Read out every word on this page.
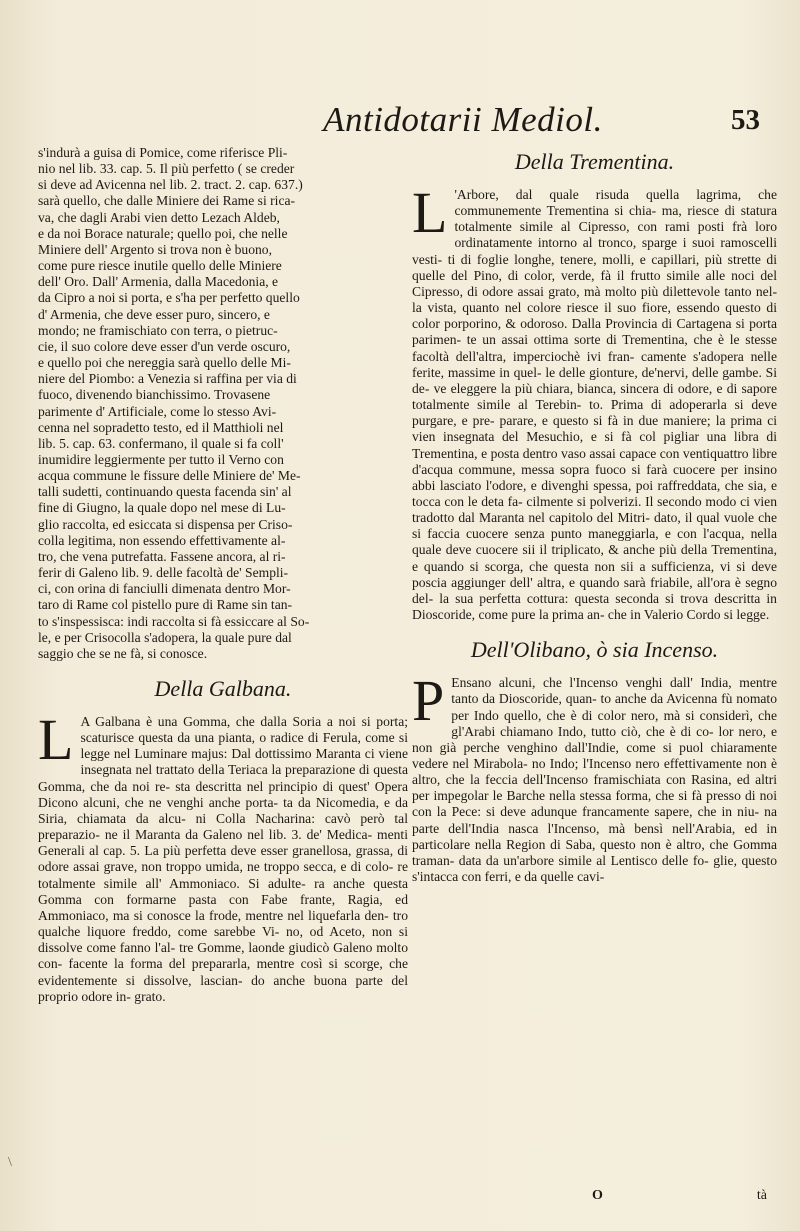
Antidotarii Mediol.	53

s'indurà a guisa di Pomice, come riferisce Pli-
nio nel lib. 33. cap. 5. Il più perfetto ( se creder
si deve ad Avicenna nel lib. 2. tract. 2. cap. 637.)
sarà quello, che dalle Miniere dei Rame si rica-
va, che dagli Arabi vien detto Lezach Aldeb,
e da noi Borace naturale; quello poi, che nelle
Miniere dell' Argento si trova non è buono,
come pure riesce inutile quello delle Miniere
dell' Oro. Dall' Armenia, dalla Macedonia, e
da Cipro a noi si porta, e s'ha per perfetto quello
d' Armenia, che deve esser puro, sincero, e
mondo; ne framischiato con terra, o pietruc-
cie, il suo colore deve esser d'un verde oscuro,
e quello poi che nereggia sarà quello delle Mi-
niere del Piombo: a Venezia si raffina per via di
fuoco, divenendo bianchissimo. Trovasene
parimente d' Artificiale, come lo stesso Avi-
cenna nel sopradetto testo, ed il Matthioli nel
lib. 5. cap. 63. confermano, il quale si fa coll'
inumidire leggiermente per tutto il Verno con
acqua commune le fissure delle Miniere de' Me-
talli sudetti, continuando questa facenda sin' al
fine di Giugno, la quale dopo nel mese di Lu-
glio raccolta, ed esiccata si dispensa per Criso-
colla legitima, non essendo effettivamente al-
tro, che vena putrefatta. Fassene ancora, al ri-
ferir di Galeno lib. 9. delle facoltà de' Sempli-
ci, con orina di fanciulli dimenata dentro Mor-
taro di Rame col pistello pure di Rame sin tan-
to s'inspessisca: indi raccolta si fà essiccare al So-
le, e per Crisocolla s'adopera, la quale pure dal
saggio che se ne fà, si conosce.

Della Galbana.

L A Galbana è una Gomma, che dalla Soria a noi si porta; scaturisce questa da una pianta, o radice di Ferula, come si legge nel Luminare majus: Dal dottissimo Maranta ci viene insegnata nel trattato della Teriaca la preparazione di questa Gomma, che da noi re- sta descritta nel principio di quest' Opera Dicono alcuni, che ne venghi anche porta- ta da Nicomedia, e da Siria, chiamata da alcu- ni Colla Nacharina: cavò però tal preparazio- ne il Maranta da Galeno nel lib. 3. de' Medica- menti Generali al cap. 5. La più perfetta deve esser granellosa, grassa, di odore assai grave, non troppo umida, ne troppo secca, e di colo- re totalmente simile all' Ammoniaco. Si adulte- ra anche questa Gomma con formarne pasta con Fabe frante, Ragia, ed Ammoniaco, ma si conosce la frode, mentre nel liquefarla den- tro qualche liquore freddo, come sarebbe Vi- no, od Aceto, non si dissolve come fanno l'al- tre Gomme, laonde giudicò Galeno molto con- facente la forma del prepararla, mentre così si scorge, che evidentemente si dissolve, lascian- do anche buona parte del proprio odore in- grato.

Della Trementina.

L 'Arbore, dal quale risuda quella lagrima, che communemente Trementina si chia- ma, riesce di statura totalmente simile al Cipresso, con rami posti frà loro ordinatamente intorno al tronco, sparge i suoi ramoscelli vesti- ti di foglie longhe, tenere, molli, e capillari, più strette di quelle del Pino, di color, verde, fà il frutto simile alle noci del Cipresso, di odore assai grato, mà molto più dilettevole tanto nel- la vista, quanto nel colore riesce il suo fiore, essendo questo di color porporino, & odoroso. Dalla Provincia di Cartagena si porta parimen- te un assai ottima sorte di Trementina, che è le stesse facoltà dell'altra, imperciochè ivi fran- camente s'adopera nelle ferite, massime in quel- le delle gionture, de'nervi, delle gambe. Si de- ve eleggere la più chiara, bianca, sincera di odore, e di sapore totalmente simile al Terebin- to. Prima di adoperarla si deve purgare, e pre- parare, e questo si fà in due maniere; la prima ci vien insegnata del Mesuchio, e si fà col pigliar una libra di Trementina, e posta dentro vaso assai capace con ventiquattro libre d'acqua commune, messa sopra fuoco si farà cuocere per insino abbi lasciato l'odore, e divenghi spessa, poi raffreddata, che sia, e tocca con le deta fa- cilmente si polverizi. Il secondo modo ci vien tradotto dal Maranta nel capitolo del Mitri- dato, il qual vuole che si faccia cuocere senza punto maneggiarla, e con l'acqua, nella quale deve cuocere sii il triplicato, & anche più della Trementina, e quando si scorga, che questa non sii a sufficienza, vi si deve poscia aggiunger dell' altra, e quando sarà friabile, all'ora è segno del- la sua perfetta cottura: questa seconda si trova descritta in Dioscoride, come pure la prima an- che in Valerio Cordo si legge.

Dell'Olibano, ò sia Incenso.

P Ensano alcuni, che l'Incenso venghi dall' India, mentre tanto da Dioscoride, quan- to anche da Avicenna fù nomato per Indo quello, che è di color nero, mà si considerì, che gl'Arabi chiamano Indo, tutto ciò, che è di co- lor nero, e non già perche venghino dall'Indie, come si puol chiaramente vedere nel Mirabola- no Indo; l'Incenso nero effettivamente non è altro, che la feccia dell'Incenso framischiata con Rasina, ed altri per impegolar le Barche nella stessa forma, che si fà presso di noi con la Pece: si deve adunque francamente sapere, che in niu- na parte dell'India nasca l'Incenso, mà bensì nell'Arabia, ed in particolare nella Region di Saba, questo non è altro, che Gomma traman- data da un'arbore simile al Lentisco delle fo- glie, questo s'intacca con ferri, e da quelle cavi-

O	tà
\
